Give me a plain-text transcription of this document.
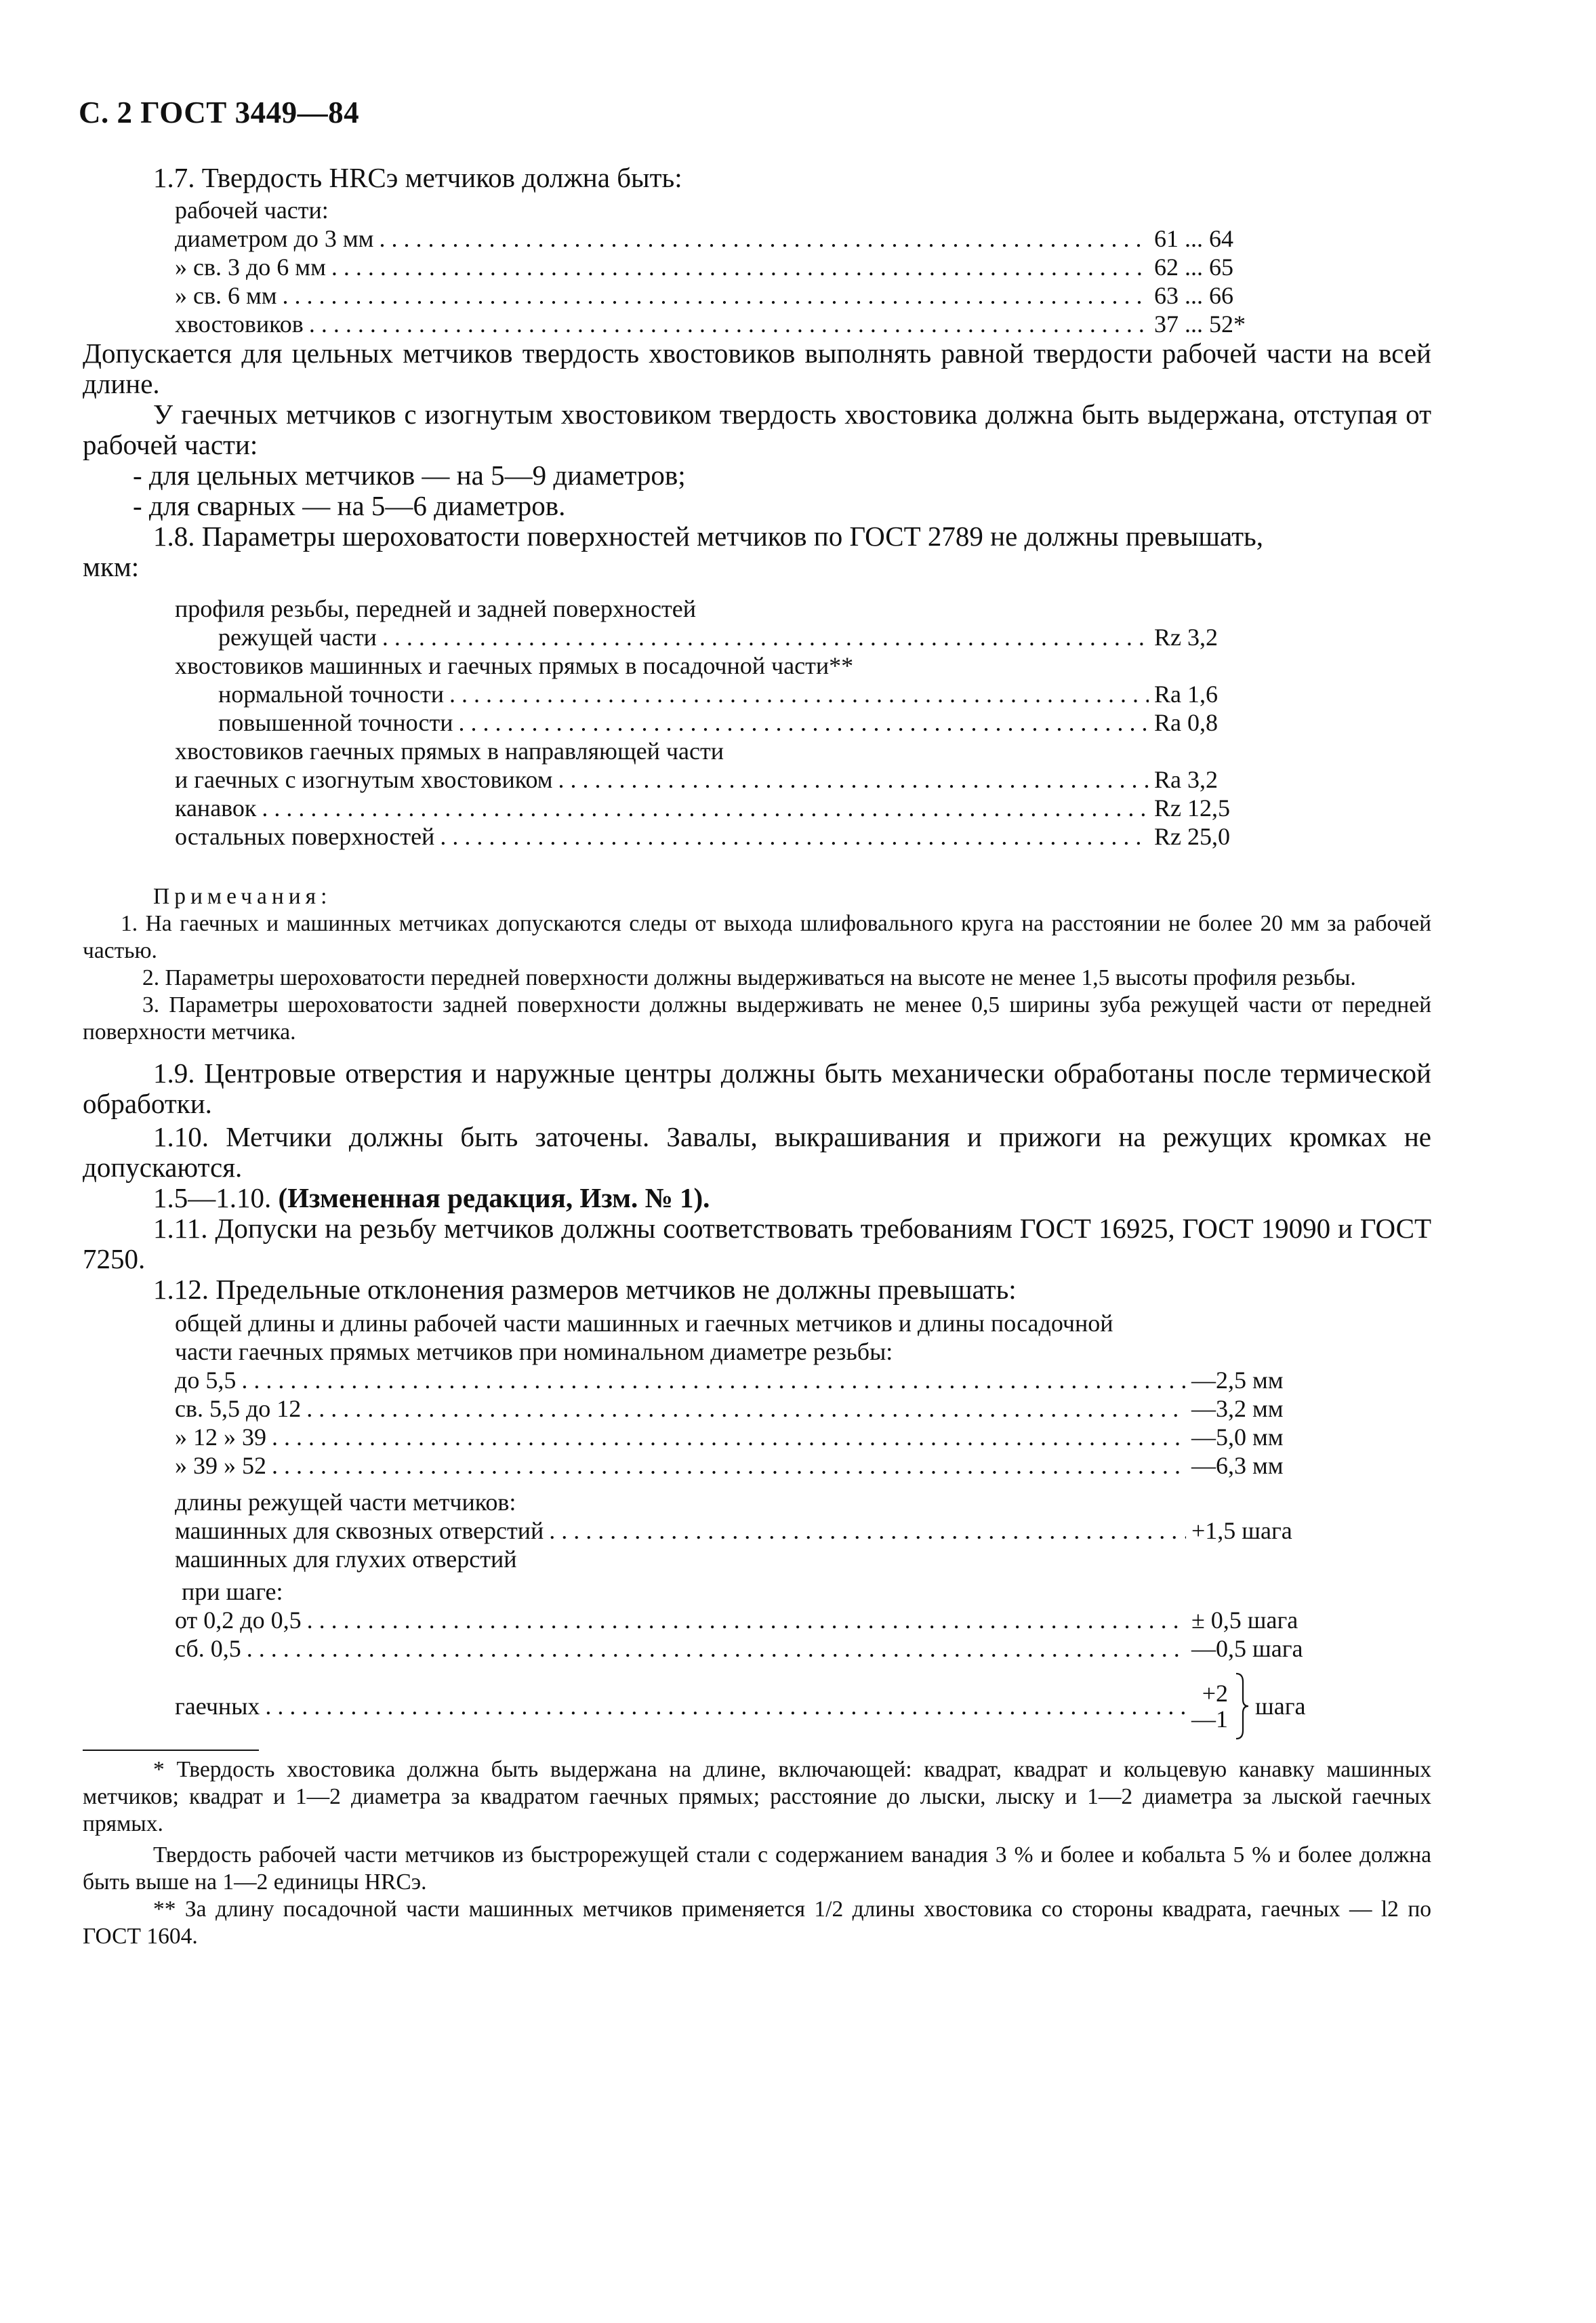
С. 2 ГОСТ 3449—84

1.7. Твердость HRCэ метчиков должна быть:

рабочей части:
диаметром до 3 мм . . .	61 ... 64
» св. 3 до 6 мм . . .	62 ... 65
» св. 6 мм . . .	63 ... 66
хвостовиков . . .	37 ... 52*

Допускается для цельных метчиков твердость хвостовиков выполнять равной твердости рабочей части на всей длине.

У гаечных метчиков с изогнутым хвостовиком твердость хвостовика должна быть выдержана, отступая от рабочей части:

- для цельных метчиков — на 5—9 диаметров;
- для сварных — на 5—6 диаметров.

1.8. Параметры шероховатости поверхностей метчиков по ГОСТ 2789 не должны превышать,

мкм:
профиля резьбы, передней и задней поверхностей
режущей части . . .	Rz 3,2
хвостовиков машинных и гаечных прямых в посадочной части**
нормальной точности . . .	Ra 1,6
повышенной точности . . .	Ra 0,8
хвостовиков гаечных прямых в направляющей части
и гаечных с изогнутым хвостовиком . . .	Ra 3,2
канавок . . .	Rz 12,5
остальных поверхностей . . .	Rz 25,0
Примечания:

1. На гаечных и машинных метчиках допускаются следы от выхода шлифовального круга на расстоянии не более 20 мм за рабочей частью.

2. Параметры шероховатости передней поверхности должны выдерживаться на высоте не менее 1,5 высоты профиля резьбы.

3. Параметры шероховатости задней поверхности должны выдерживать не менее 0,5 ширины зуба режущей части от передней поверхности метчика.

1.9. Центровые отверстия и наружные центры должны быть механически обработаны после термической обработки.

1.10. Метчики должны быть заточены. Завалы, выкрашивания и прижоги на режущих кромках не допускаются.

1.5—1.10. (Измененная редакция, Изм. № 1).

1.11. Допуски на резьбу метчиков должны соответствовать требованиям ГОСТ 16925, ГОСТ 19090 и ГОСТ 7250.

1.12. Предельные отклонения размеров метчиков не должны превышать:

общей длины и длины рабочей части машинных и гаечных метчиков и длины посадочной
части гаечных прямых метчиков при номинальном диаметре резьбы:
до 5,5 . . .	—2,5 мм
св. 5,5 до 12 . . .	—3,2 мм
» 12 » 39 . . .	—5,0 мм
» 39 » 52 . . .	—6,3 мм
длины режущей части метчиков:
машинных для сквозных отверстий . . .	+1,5 шага
машинных для глухих отверстий
при шаге:
от 0,2 до 0,5 . . .	± 0,5 шага
сб. 0,5 . . .	—0,5 шага
гаечных . . .	+2
—1 шага

* Твердость хвостовика должна быть выдержана на длине, включающей: квадрат, квадрат и кольцевую канавку машинных метчиков; квадрат и 1—2 диаметра за квадратом гаечных прямых; расстояние до лыски, лыску и 1—2 диаметра за лыской гаечных прямых.

Твердость рабочей части метчиков из быстрорежущей стали с содержанием ванадия 3 % и более и кобальта 5 % и более должна быть выше на 1—2 единицы HRCэ.

** За длину посадочной части машинных метчиков применяется 1/2 длины хвостовика со стороны квадрата, гаечных — l2 по ГОСТ 1604.
